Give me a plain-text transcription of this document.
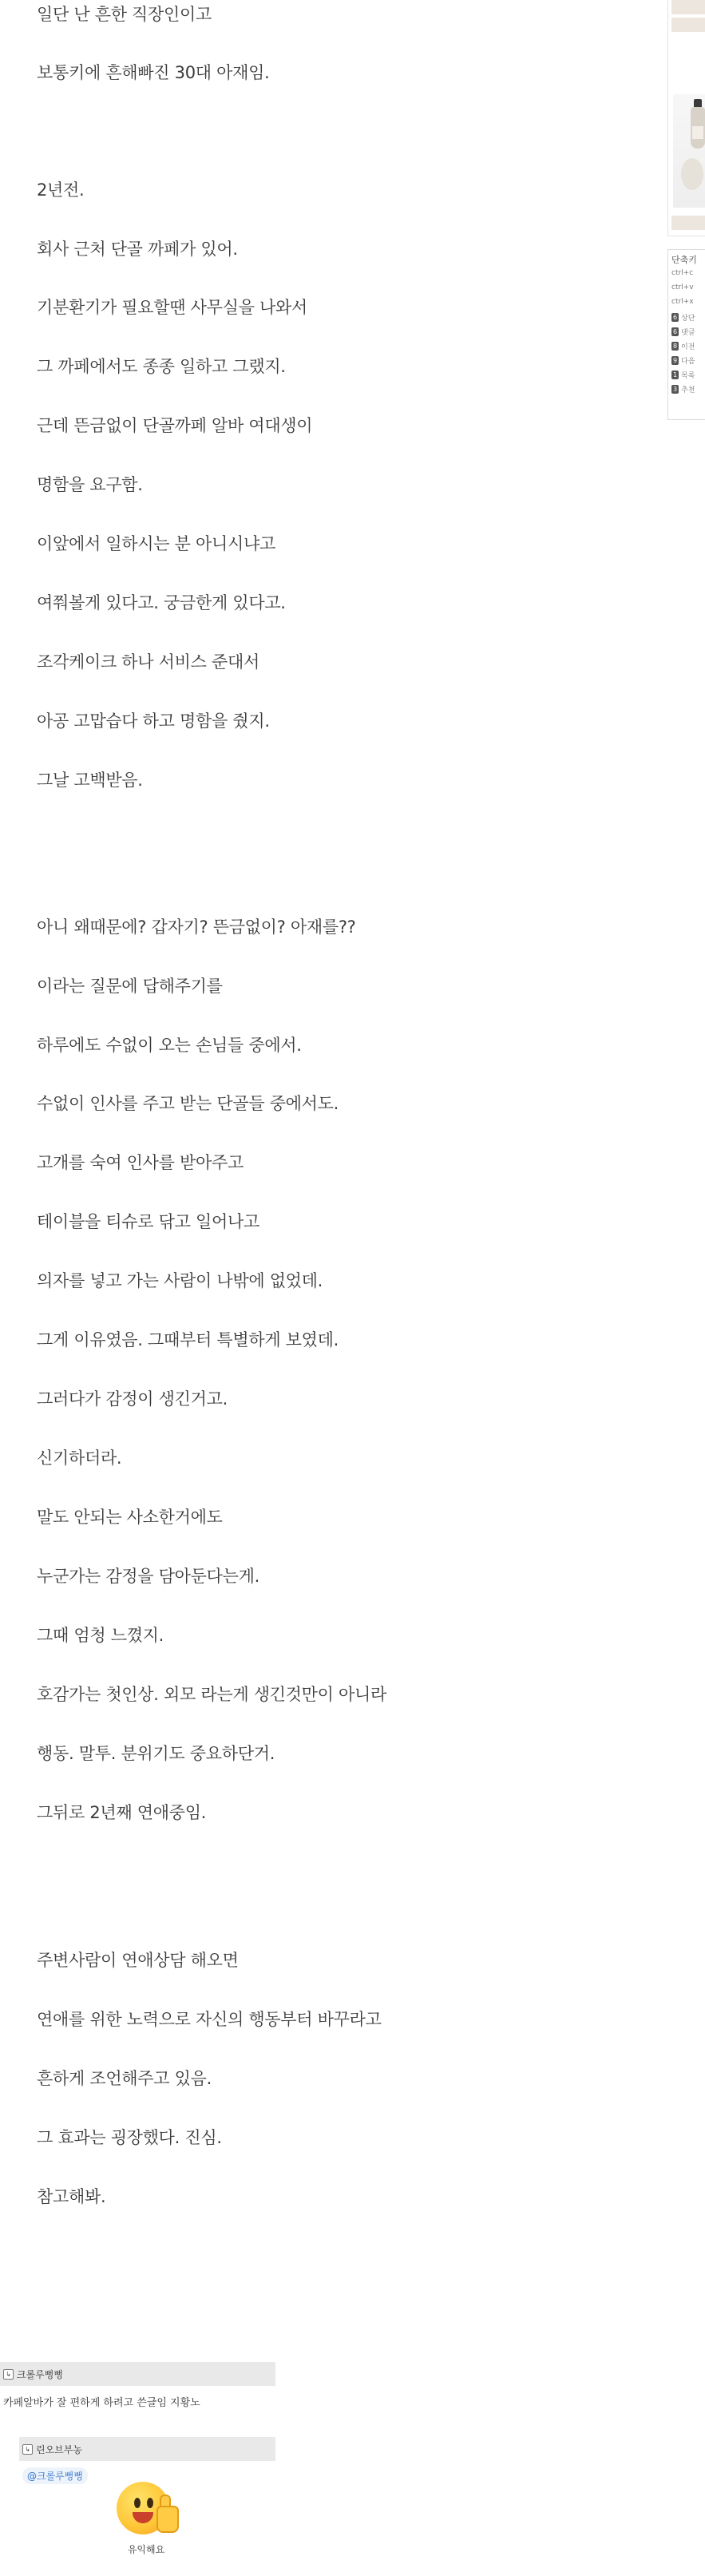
일단 난 흔한 직장인이고
보통키에 흔해빠진 30대 아재임.
2년전.
회사 근처 단골 까페가 있어.
기분환기가 필요할땐 사무실을 나와서
그 까페에서도 종종 일하고 그랬지.
근데 뜬금없이 단골까페 알바 여대생이
명함을 요구함.
이앞에서 일하시는 분 아니시냐고
여쭤볼게 있다고. 궁금한게 있다고.
조각케이크 하나 서비스 준대서
아공 고맙습다 하고 명함을 줬지.
그날 고백받음.
아니 왜때문에? 갑자기? 뜬금없이? 아재를??
이라는 질문에 답해주기를
하루에도 수없이 오는 손님들 중에서.
수없이 인사를 주고 받는 단골들 중에서도.
고개를 숙여 인사를 받아주고
테이블을 티슈로 닦고 일어나고
의자를 넣고 가는 사람이 나밖에 없었데.
그게 이유였음. 그때부터 특별하게 보였데.
그러다가 감정이 생긴거고.
신기하더라.
말도 안되는 사소한거에도
누군가는 감정을 담아둔다는게.
그때 엄청 느꼈지.
호감가는 첫인상. 외모 라는게 생긴것만이 아니라
행동. 말투. 분위기도 중요하단거.
그뒤로 2년째 연애중임.
주변사람이 연애상담 해오면
연애를 위한 노력으로 자신의 행동부터 바꾸라고
흔하게 조언해주고 있음.
그 효과는 굉장했다. 진심.
참고해봐.
단축키
ctrl+c
ctrl+v
ctrl+x
6 상단
6 댓글
8 이전
9 다음
1 목록
3 추천
↳ 크롤루뻥뻥
카페알바가 잘 편하게 하려고 쓴글임 지황노
↳ 린오브부농
@크롤루뻥뻥
유익해요
